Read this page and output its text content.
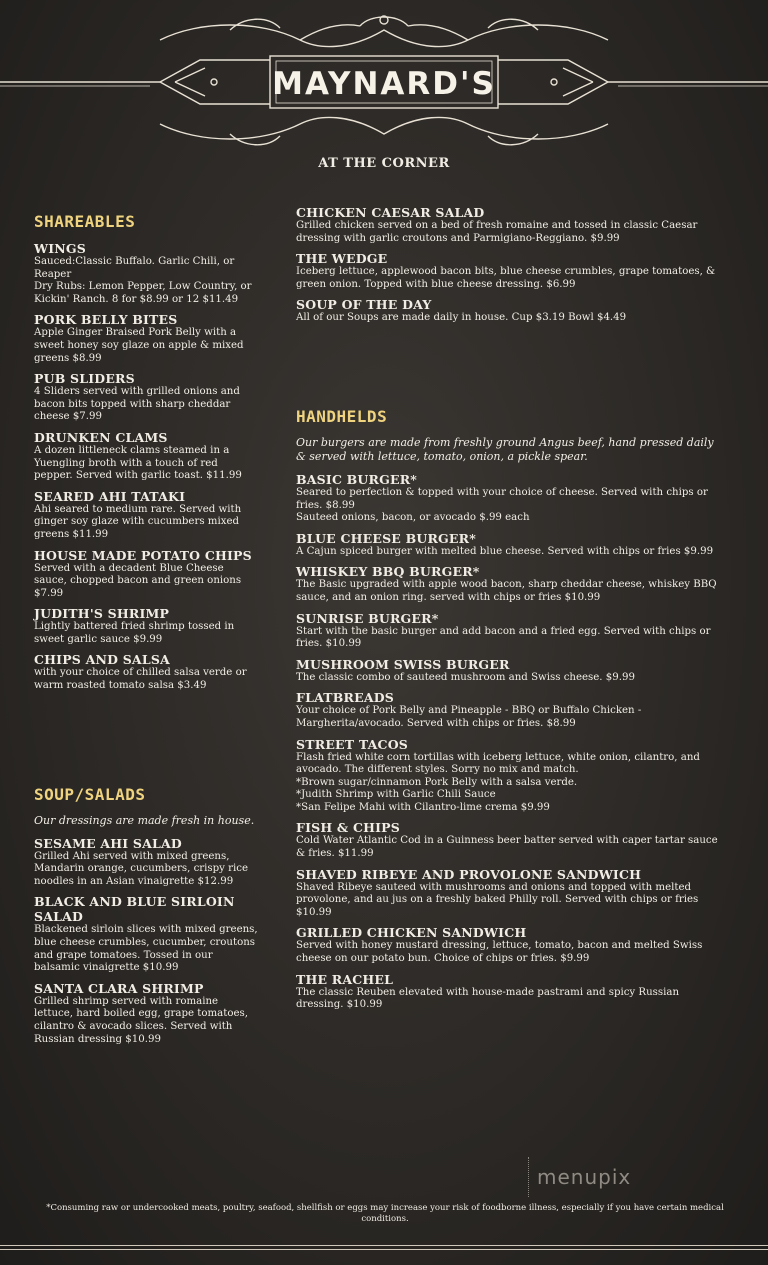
MAYNARD'S
AT THE CORNER
SHAREABLES
WINGS
Sauced:Classic Buffalo. Garlic Chili, or Reaper
Dry Rubs: Lemon Pepper, Low Country, or
Kickin' Ranch. 8 for $8.99 or 12 $11.49
PORK BELLY BITES
Apple Ginger Braised Pork Belly with a sweet honey soy glaze on apple & mixed greens $8.99
PUB SLIDERS
4 Sliders served with grilled onions and bacon bits topped with sharp cheddar cheese $7.99
DRUNKEN CLAMS
A dozen littleneck clams steamed in a Yuengling broth with a touch of red pepper. Served with garlic toast. $11.99
SEARED AHI TATAKI
Ahi seared to medium rare. Served with ginger soy glaze with cucumbers mixed greens $11.99
HOUSE MADE POTATO CHIPS
Served with a decadent Blue Cheese sauce, chopped bacon and green onions $7.99
JUDITH'S SHRIMP
Lightly battered fried shrimp tossed in sweet garlic sauce $9.99
CHIPS AND SALSA
with your choice of chilled salsa verde or warm roasted tomato salsa $3.49
SOUP/SALADS
Our dressings are made fresh in house.
SESAME AHI SALAD
Grilled Ahi served with mixed greens, Mandarin orange, cucumbers, crispy rice noodles in an Asian vinaigrette $12.99
BLACK AND BLUE SIRLOIN SALAD
Blackened sirloin slices with mixed greens, blue cheese crumbles, cucumber, croutons and grape tomatoes. Tossed in our balsamic vinaigrette $10.99
SANTA CLARA SHRIMP
Grilled shrimp served with romaine lettuce, hard boiled egg, grape tomatoes, cilantro & avocado slices. Served with Russian dressing $10.99
CHICKEN CAESAR SALAD
Grilled chicken served on a bed of fresh romaine and tossed in classic Caesar dressing with garlic croutons and Parmigiano-Reggiano. $9.99
THE WEDGE
Iceberg lettuce, applewood bacon bits, blue cheese crumbles, grape tomatoes, & green onion. Topped with blue cheese dressing. $6.99
SOUP OF THE DAY
All of our Soups are made daily in house. Cup $3.19 Bowl $4.49
HANDHELDS
Our burgers are made from freshly ground Angus beef, hand pressed daily & served with lettuce, tomato, onion, a pickle spear.
BASIC BURGER*
Seared to perfection & topped with your choice of cheese. Served with chips or fries. $8.99
Sauteed onions, bacon, or avocado $.99 each
BLUE CHEESE BURGER*
A Cajun spiced burger with melted blue cheese. Served with chips or fries $9.99
WHISKEY BBQ BURGER*
The Basic upgraded with apple wood bacon, sharp cheddar cheese, whiskey BBQ sauce, and an onion ring. served with chips or fries $10.99
SUNRISE BURGER*
Start with the basic burger and add bacon and a fried egg. Served with chips or fries. $10.99
MUSHROOM SWISS BURGER
The classic combo of sauteed mushroom and Swiss cheese. $9.99
FLATBREADS
Your choice of Pork Belly and Pineapple - BBQ or Buffalo Chicken - Margherita/avocado. Served with chips or fries. $8.99
STREET TACOS
Flash fried white corn tortillas with iceberg lettuce, white onion, cilantro, and avocado. The different styles. Sorry no mix and match.
*Brown sugar/cinnamon Pork Belly with a salsa verde.
*Judith Shrimp with Garlic Chili Sauce
*San Felipe Mahi with Cilantro-lime crema $9.99
FISH & CHIPS
Cold Water Atlantic Cod in a Guinness beer batter served with caper tartar sauce & fries. $11.99
SHAVED RIBEYE AND PROVOLONE SANDWICH
Shaved Ribeye sauteed with mushrooms and onions and topped with melted provolone, and au jus on a freshly baked Philly roll. Served with chips or fries $10.99
GRILLED CHICKEN SANDWICH
Served with honey mustard dressing, lettuce, tomato, bacon and melted Swiss cheese on our potato bun. Choice of chips or fries. $9.99
THE RACHEL
The classic Reuben elevated with house-made pastrami and spicy Russian dressing. $10.99
menupix
*Consuming raw or undercooked meats, poultry, seafood, shellfish or eggs may increase your risk of foodborne illness, especially if you have certain medical conditions.
